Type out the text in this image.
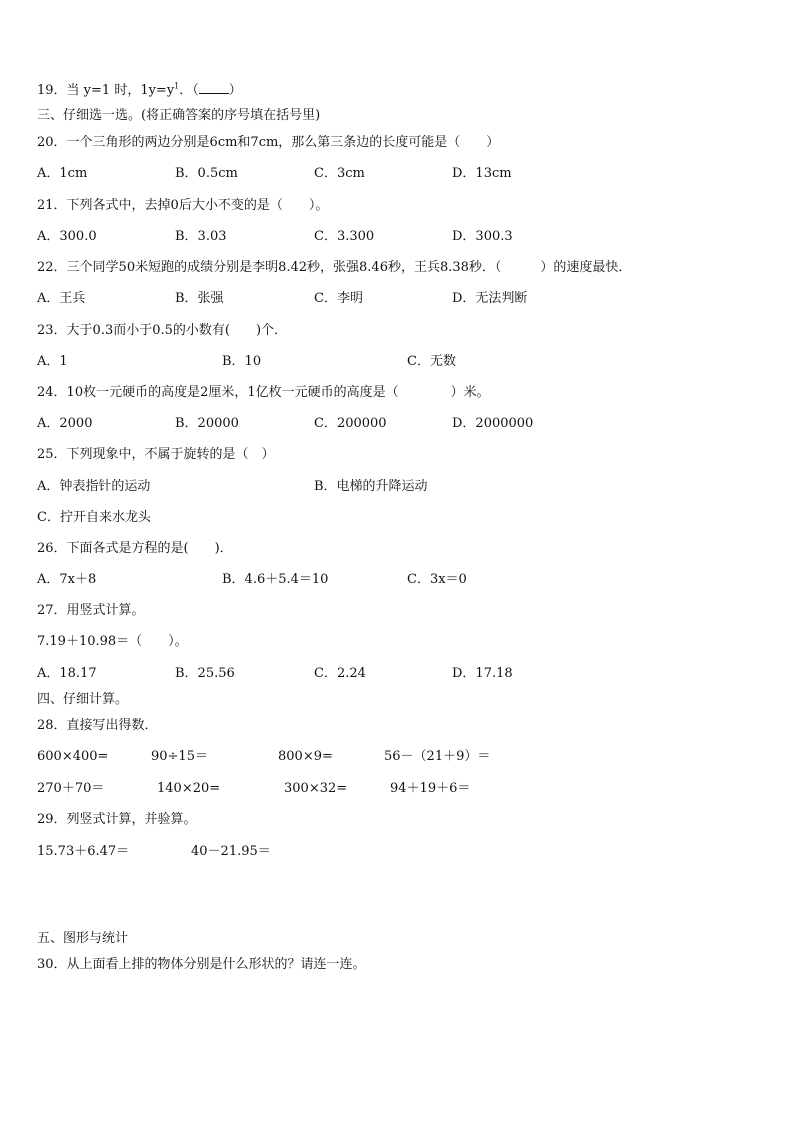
19．当 y=1 时，$1y=y^1$．（ ）
三、仔细选一选。(将正确答案的序号填在括号里)
20．一个三角形的两边分别是6cm和7cm，那么第三条边的长度可能是（　　）
A．1cm	B．0.5cm	C．3cm	D．13cm
21．下列各式中，去掉0后大小不变的是（　　）。
A．300.0	B．3.03	C．3.300	D．300.3
22．三个同学50米短跑的成绩分别是李明8.42秒，张强8.46秒，王兵8.38秒．（　　　）的速度最快．
A．王兵	B．张强	C．李明	D．无法判断
23．大于0.3而小于0.5的小数有(　　)个．
A．1	B．10	C．无数
24．10枚一元硬币的高度是2厘米，1亿枚一元硬币的高度是（　　　　）米。
A．2000	B．20000	C．200000	D．2000000
25．下列现象中，不属于旋转的是（　）
A．钟表指针的运动	B．电梯的升降运动
C．拧开自来水龙头
26．下面各式是方程的是(　　)．
A．7x＋8	B．4.6＋5.4＝10	C．3x＝0
27．用竖式计算。
7.19＋10.98＝（　　）。
A．18.17	B．25.56	C．2.24	D．17.18
四、仔细计算。
28．直接写出得数．
600×400=	90÷15＝	800×9=	56－（21＋9）＝
270＋70＝	140×20=	300×32=	94＋19＋6＝
29．列竖式计算，并验算。
15.73＋6.47＝	40－21.95＝
五、图形与统计
30．从上面看上排的物体分别是什么形状的？请连一连。
